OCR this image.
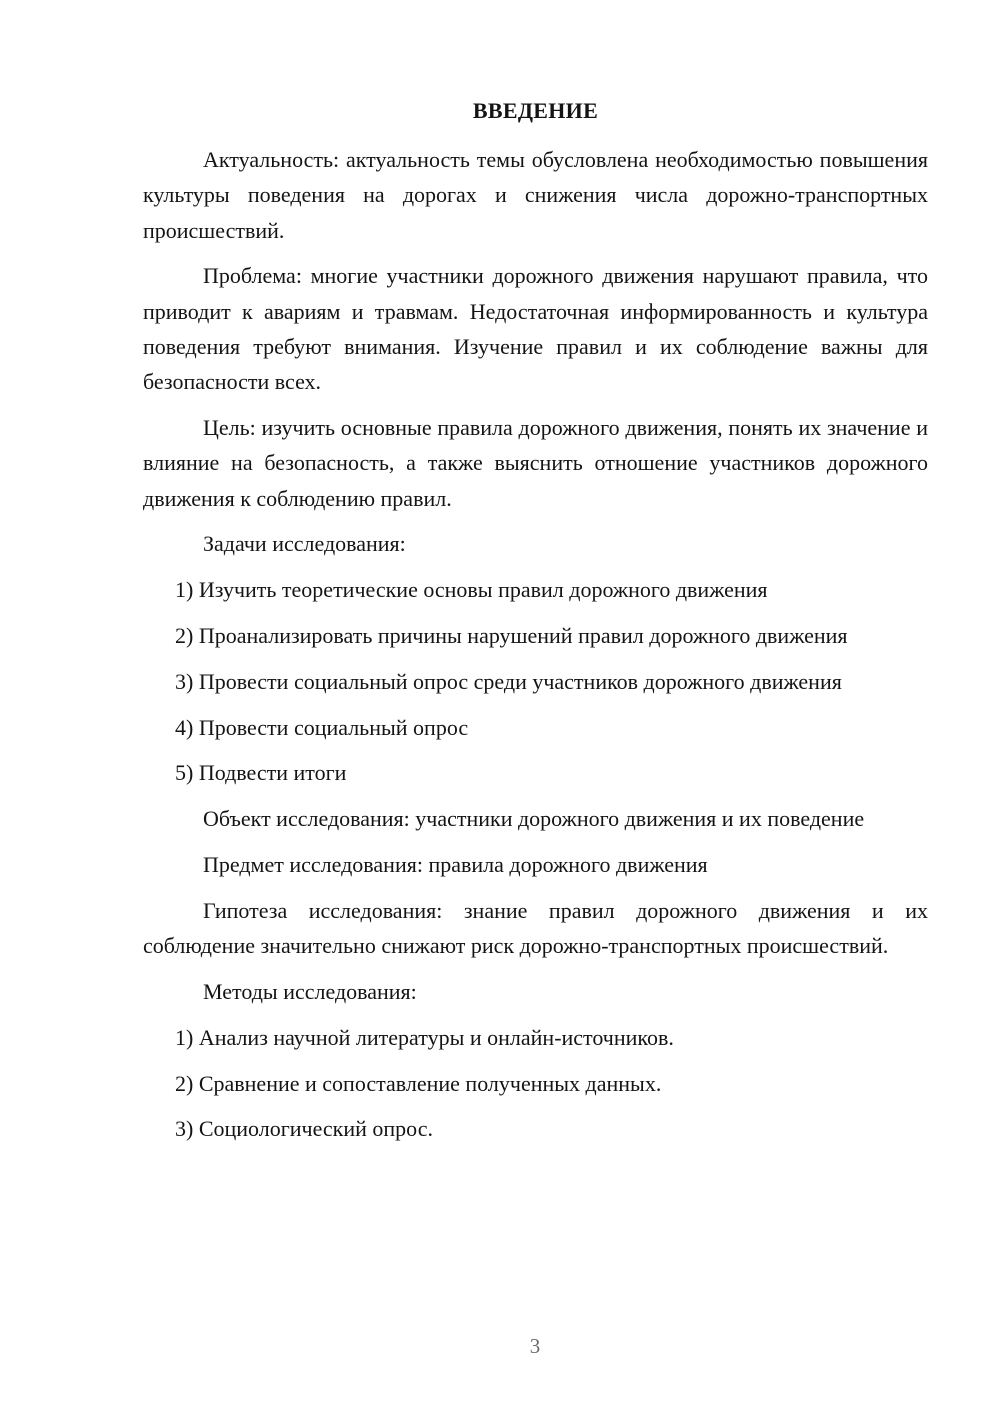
ВВЕДЕНИЕ

Актуальность: актуальность темы обусловлена необходимостью повышения культуры поведения на дорогах и снижения числа дорожно-транспортных происшествий.

Проблема: многие участники дорожного движения нарушают правила, что приводит к авариям и травмам. Недостаточная информированность и культура поведения требуют внимания. Изучение правил и их соблюдение важны для безопасности всех.

Цель: изучить основные правила дорожного движения, понять их значение и влияние на безопасность, а также выяснить отношение участников дорожного движения к соблюдению правил.

Задачи исследования:

1) Изучить теоретические основы правил дорожного движения

2) Проанализировать причины нарушений правил дорожного движения

3) Провести социальный опрос среди участников дорожного движения

4) Провести социальный опрос

5) Подвести итоги

Объект исследования: участники дорожного движения и их поведение

Предмет исследования: правила дорожного движения

Гипотеза исследования: знание правил дорожного движения и их соблюдение значительно снижают риск дорожно-транспортных происшествий.

Методы исследования:

1) Анализ научной литературы и онлайн-источников.

2) Сравнение и сопоставление полученных данных.

3) Социологический опрос.

3
